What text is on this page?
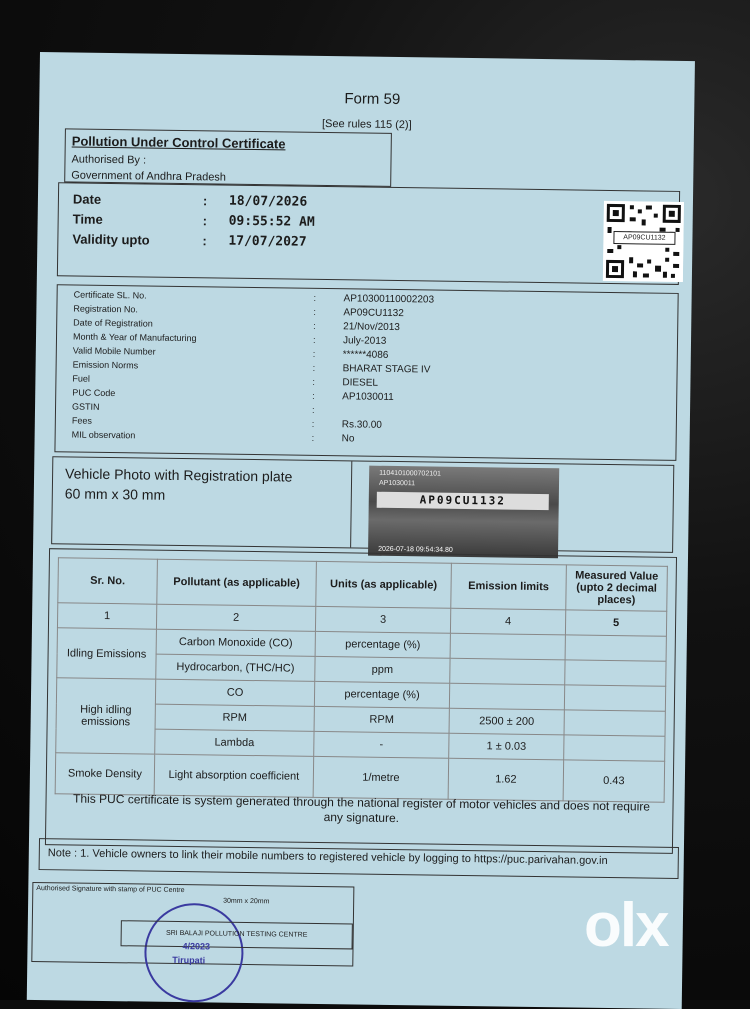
Form 59
[See rules 115 (2)]
Pollution Under Control Certificate
Authorised By :
Government of Andhra Pradesh
Date	: 18/07/2026
Time	: 09:55:52 AM
Validity upto	: 17/07/2027	AP09CU1132
Certificate SL. No.	:	AP10300110002203
Registration No.	:	AP09CU1132
Date of Registration	:	21/Nov/2013
Month & Year of Manufacturing	:	July-2013
Valid Mobile Number	:	******4086
Emission Norms	:	BHARAT STAGE IV
Fuel	:	DIESEL
PUC Code	:	AP1030011
GSTIN	:
Fees	:	Rs.30.00
MIL observation	:	No
Vehicle Photo with Registration plate
60 mm x 30 mm
1104101000702101
AP1030011
AP09CU1132
2026-07-18 09:54:34.80
Sr. No.	Pollutant (as applicable)	Units (as applicable)	Emission limits	Measured Value (upto 2 decimal places)
1	2	3	4	5
Idling Emissions	Carbon Monoxide (CO)	percentage (%)		
	Hydrocarbon, (THC/HC)	ppm		
High idling emissions	CO	percentage (%)		
	RPM	RPM	2500 ± 200	
	Lambda	-	1 ± 0.03	
Smoke Density	Light absorption coefficient	1/metre	1.62	0.43
This PUC certificate is system generated through the national register of motor vehicles and does not require any signature.
Note : 1. Vehicle owners to link their mobile numbers to registered vehicle by logging to https://puc.parivahan.gov.in
Authorised Signature with stamp of PUC Centre
30mm x 20mm
SRI BALAJI POLLUTION TESTING CENTRE
Tirupati
4/2023	olx
